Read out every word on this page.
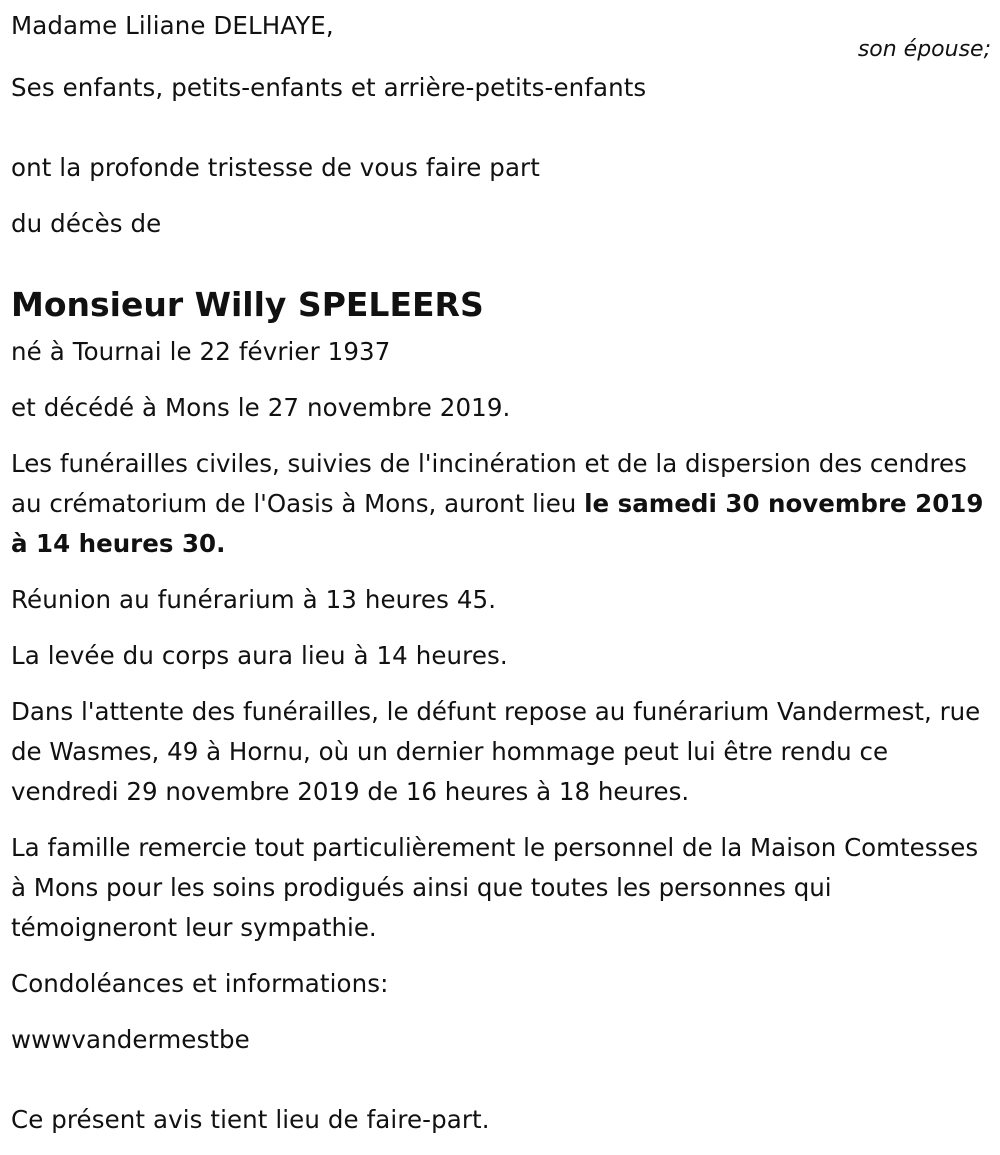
Madame Liliane DELHAYE,
son épouse;
Ses enfants, petits-enfants et arrière-petits-enfants
ont la profonde tristesse de vous faire part
du décès de
Monsieur Willy SPELEERS
né à Tournai le 22 février 1937
et décédé à Mons le 27 novembre 2019.
Les funérailles civiles, suivies de l'incinération et de la dispersion des cendres au crématorium de l'Oasis à Mons, auront lieu le samedi 30 novembre 2019 à 14 heures 30.
Réunion au funérarium à 13 heures 45.
La levée du corps aura lieu à 14 heures.
Dans l'attente des funérailles, le défunt repose au funérarium Vandermest, rue de Wasmes, 49 à Hornu, où un dernier hommage peut lui être rendu ce vendredi 29 novembre 2019 de 16 heures à 18 heures.
La famille remercie tout particulièrement le personnel de la Maison Comtesses à Mons pour les soins prodigués ainsi que toutes les personnes qui témoigneront leur sympathie.
Condoléances et informations:
wwwvandermestbe
Ce présent avis tient lieu de faire-part.
